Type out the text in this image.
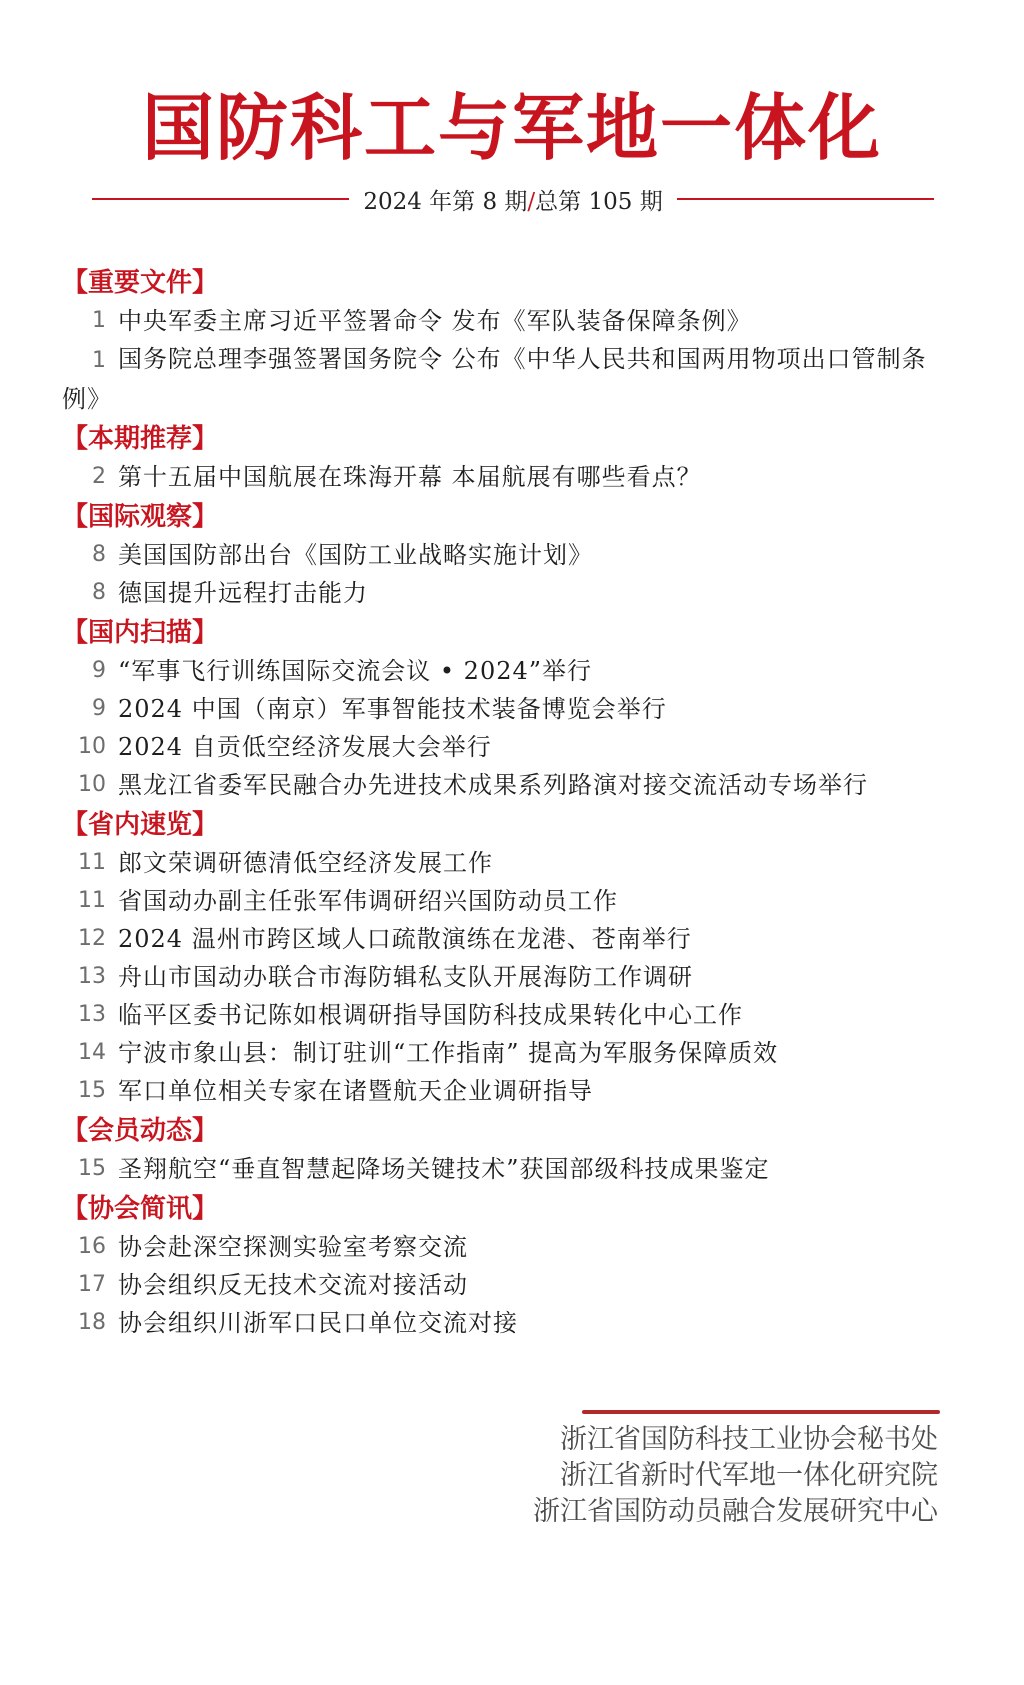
国防科工与军地一体化
2024 年第 8 期/总第 105 期
【重要文件】
1 中央军委主席习近平签署命令 发布《军队装备保障条例》
1 国务院总理李强签署国务院令 公布《中华人民共和国两用物项出口管制条例》
【本期推荐】
2 第十五届中国航展在珠海开幕 本届航展有哪些看点？
【国际观察】
8 美国国防部出台《国防工业战略实施计划》
8 德国提升远程打击能力
【国内扫描】
9 “军事飞行训练国际交流会议 • 2024”举行
9 2024 中国（南京）军事智能技术装备博览会举行
10 2024 自贡低空经济发展大会举行
10 黑龙江省委军民融合办先进技术成果系列路演对接交流活动专场举行
【省内速览】
11 郎文荣调研德清低空经济发展工作
11 省国动办副主任张军伟调研绍兴国防动员工作
12 2024 温州市跨区域人口疏散演练在龙港、苍南举行
13 舟山市国动办联合市海防辑私支队开展海防工作调研
13 临平区委书记陈如根调研指导国防科技成果转化中心工作
14 宁波市象山县：制订驻训“工作指南” 提高为军服务保障质效
15 军口单位相关专家在诸暨航天企业调研指导
【会员动态】
15 圣翔航空“垂直智慧起降场关键技术”获国部级科技成果鉴定
【协会简讯】
16 协会赴深空探测实验室考察交流
17 协会组织反无技术交流对接活动
18 协会组织川浙军口民口单位交流对接
浙江省国防科技工业协会秘书处
浙江省新时代军地一体化研究院
浙江省国防动员融合发展研究中心
